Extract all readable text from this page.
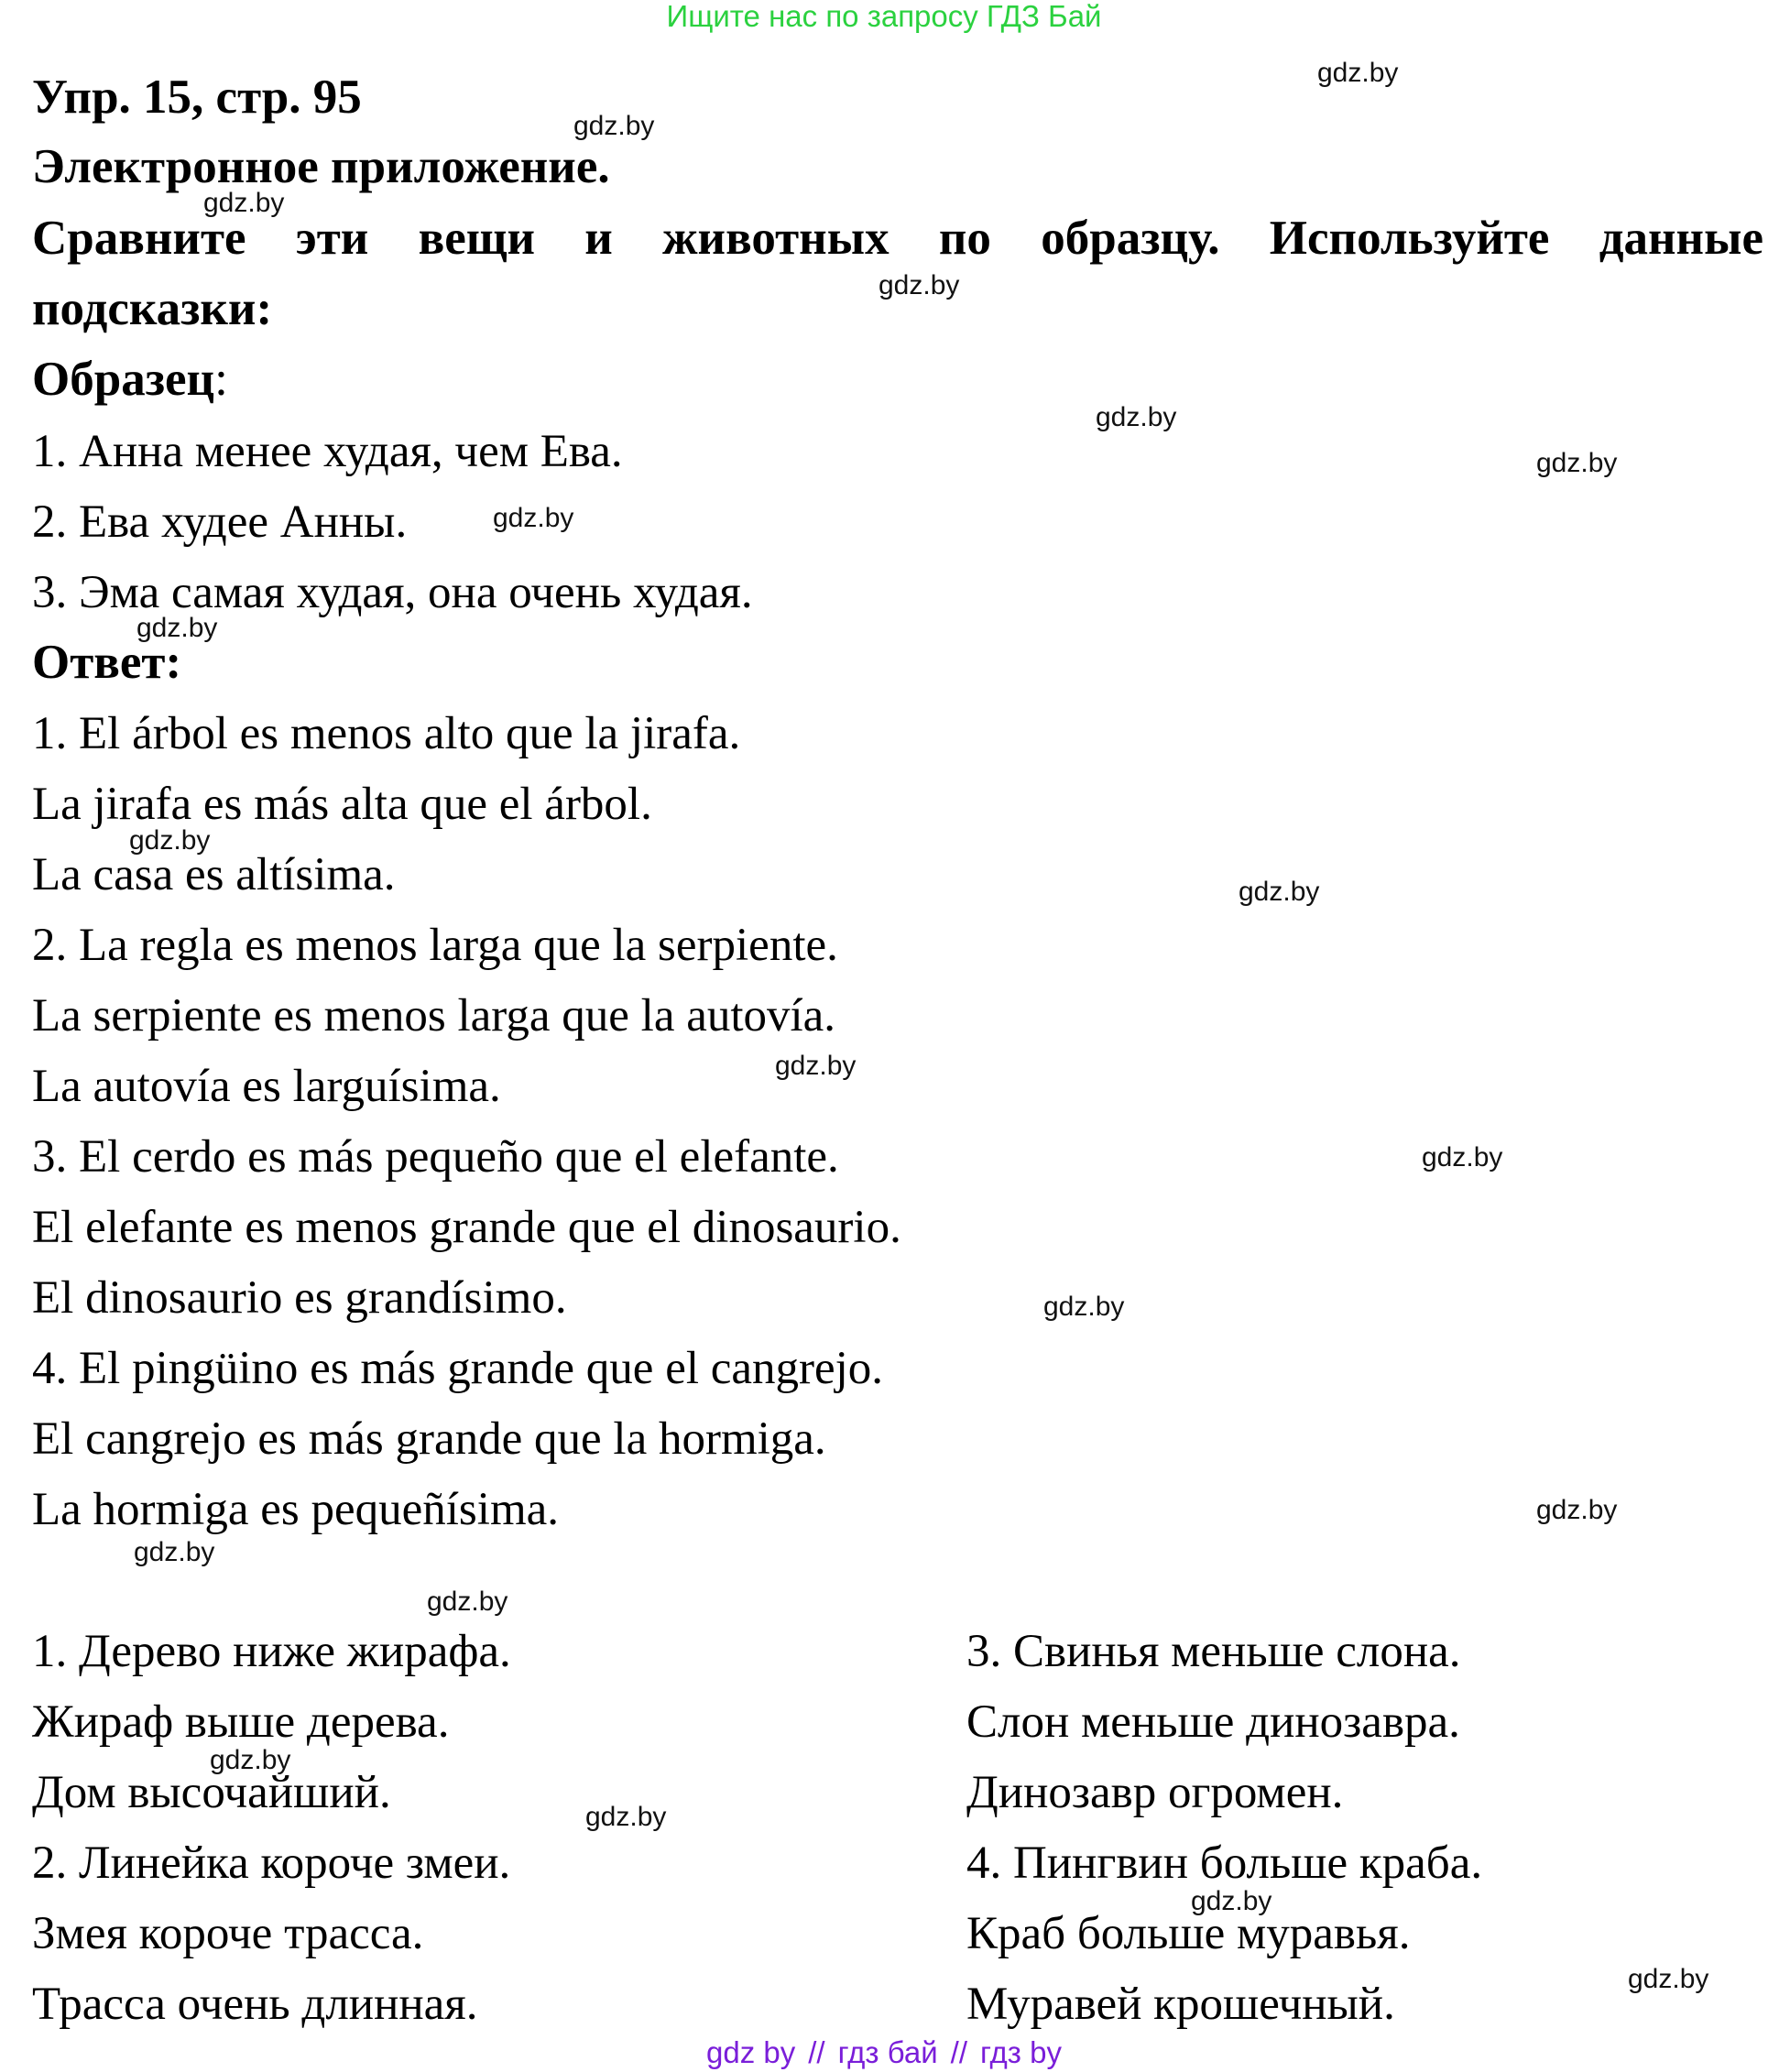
Ищите нас по запросу ГДЗ Бай
Упр. 15, стр. 95
Электронное приложение.
Сравните эти вещи и животных по образцу. Используйте данные
подсказки:
Образец:
1. Анна менее худая, чем Ева.
2. Ева худее Анны.
3. Эма самая худая, она очень худая.
Ответ:
1. El árbol es menos alto que la jirafa.
La jirafa es más alta que el árbol.
La casa es altísima.
2. La regla es menos larga que la serpiente.
La serpiente es menos larga que la autovía.
La autovía es larguísima.
3. El cerdo es más pequeño que el elefante.
El elefante es menos grande que el dinosaurio.
El dinosaurio es grandísimo.
4. El pingüino es más grande que el cangrejo.
El cangrejo es más grande que la hormiga.
La hormiga es pequeñísima.
1. Дерево ниже жирафа.
Жираф выше дерева.
Дом высочайший.
2. Линейка короче змеи.
Змея короче трасса.
Трасса очень длинная.
3. Свинья меньше слона.
Слон меньше динозавра.
Динозавр огромен.
4. Пингвин больше краба.
Краб больше муравья.
Муравей крошечный.
gdz.by
gdz.by
gdz.by
gdz.by
gdz.by
gdz.by
gdz.by
gdz.by
gdz.by
gdz.by
gdz.by
gdz.by
gdz.by
gdz.by
gdz.by
gdz.by
gdz.by
gdz.by
gdz.by
gdz.by
gdz by // гдз бай // гдз by
